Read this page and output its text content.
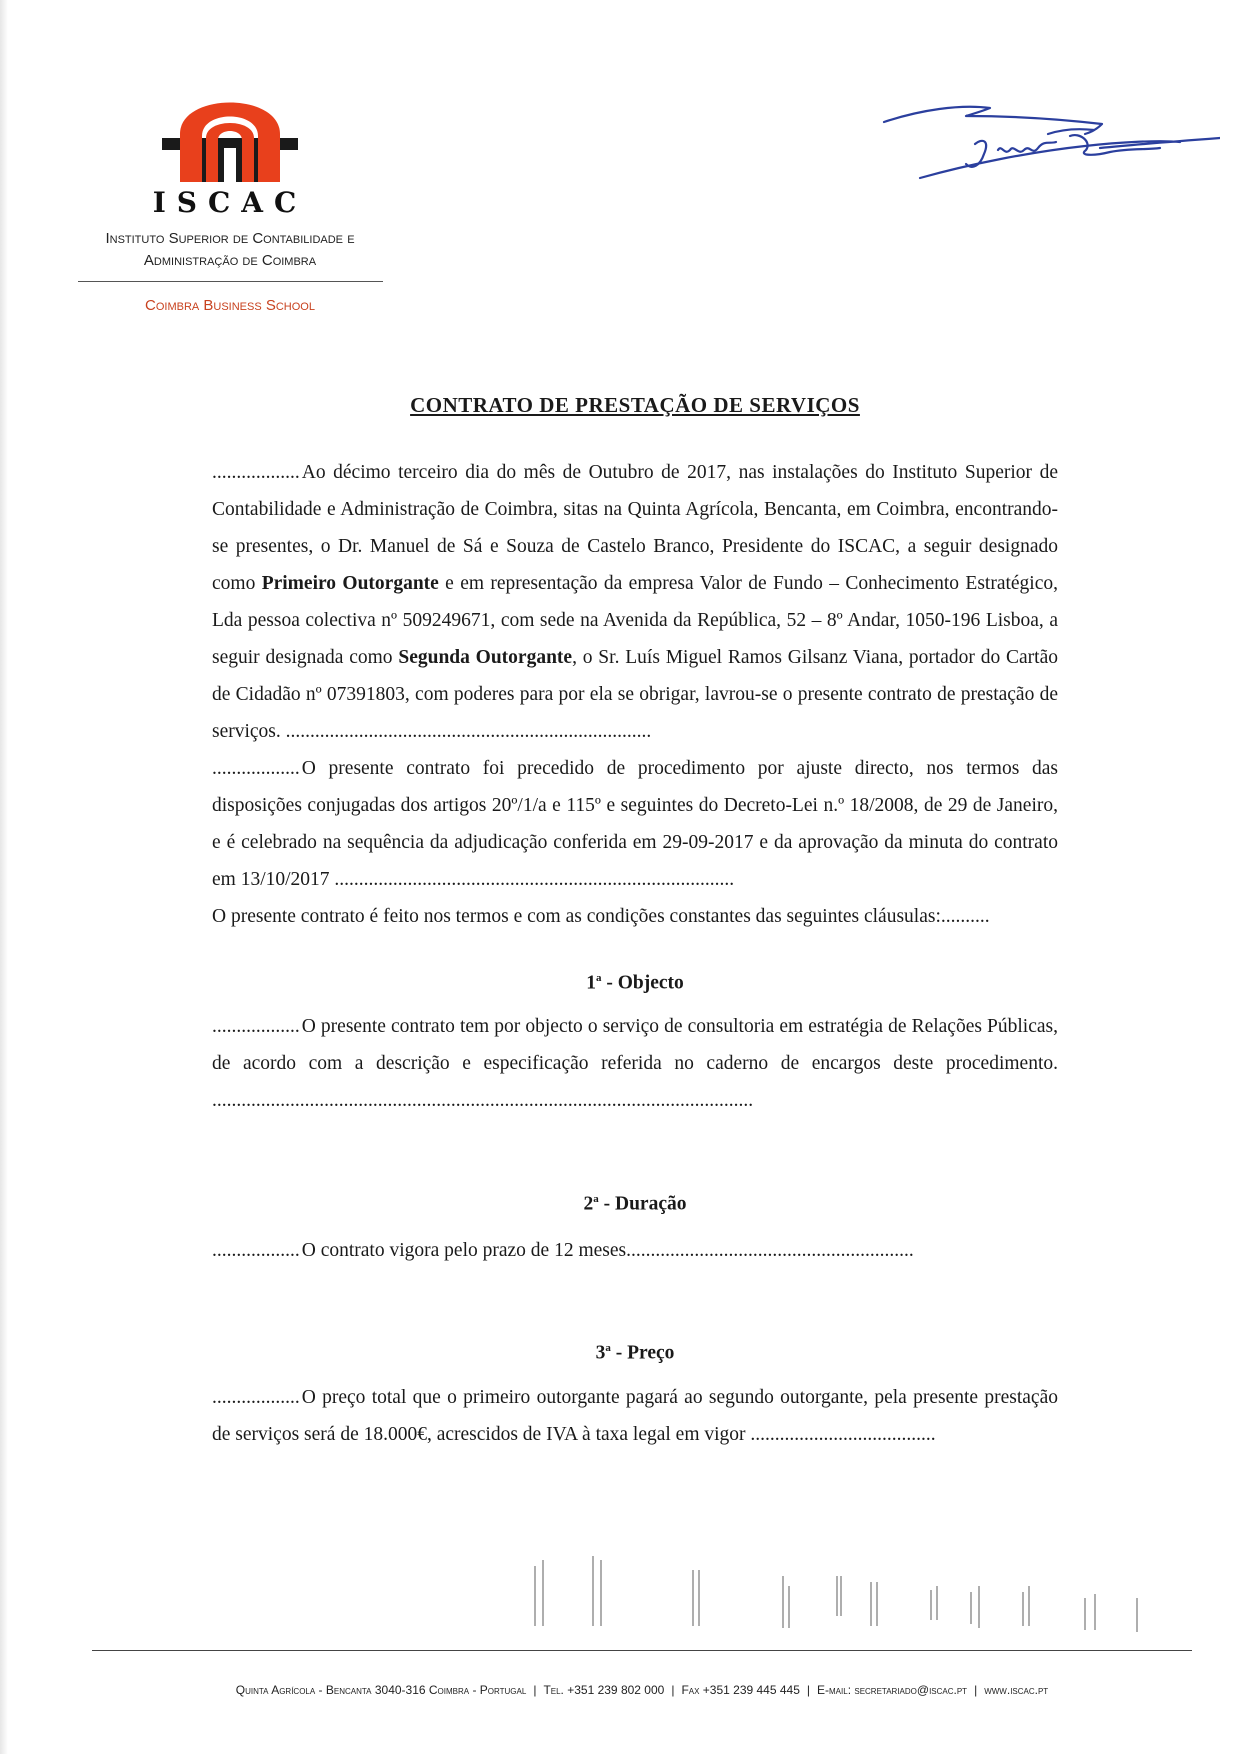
ISCAC
Instituto Superior de Contabilidade e
Administração de Coimbra
Coimbra Business School
CONTRATO DE PRESTAÇÃO DE SERVIÇOS

.................. Ao décimo terceiro dia do mês de Outubro de 2017, nas instalações do Instituto Superior de Contabilidade e Administração de Coimbra, sitas na Quinta Agrícola, Bencanta, em Coimbra, encontrando-se presentes, o Dr. Manuel de Sá e Souza de Castelo Branco, Presidente do ISCAC, a seguir designado como Primeiro Outorgante e em representação da empresa Valor de Fundo – Conhecimento Estratégico, Lda pessoa colectiva nº 509249671, com sede na Avenida da República, 52 – 8º Andar, 1050-196 Lisboa, a seguir designada como Segunda Outorgante, o Sr. Luís Miguel Ramos Gilsanz Viana, portador do Cartão de Cidadão nº 07391803, com poderes para por ela se obrigar, lavrou-se o presente contrato de prestação de serviços. ...........................................................................

.................. O presente contrato foi precedido de procedimento por ajuste directo, nos termos das disposições conjugadas dos artigos 20º/1/a e 115º e seguintes do Decreto-Lei n.º 18/2008, de 29 de Janeiro, e é celebrado na sequência da adjudicação conferida em 29-09-2017 e da aprovação da minuta do contrato em 13/10/2017 ..................................................................................

O presente contrato é feito nos termos e com as condições constantes das seguintes cláusulas:..........

1$^a$ - Objecto

.................. O presente contrato tem por objecto o serviço de consultoria em estratégia de Relações Públicas, de acordo com a descrição e especificação referida no caderno de encargos deste procedimento. ...............................................................................................................

2$^a$ - Duração

.................. O contrato vigora pelo prazo de 12 meses...........................................................

3$^a$ - Preço

.................. O preço total que o primeiro outorgante pagará ao segundo outorgante, pela presente prestação de serviços será de 18.000€, acrescidos de IVA à taxa legal em vigor ......................................

Quinta Agrícola - Bencanta 3040-316 Coimbra - Portugal | Tel. +351 239 802 000 | Fax +351 239 445 445 | E-mail: secretariado@iscac.pt | www.iscac.pt
